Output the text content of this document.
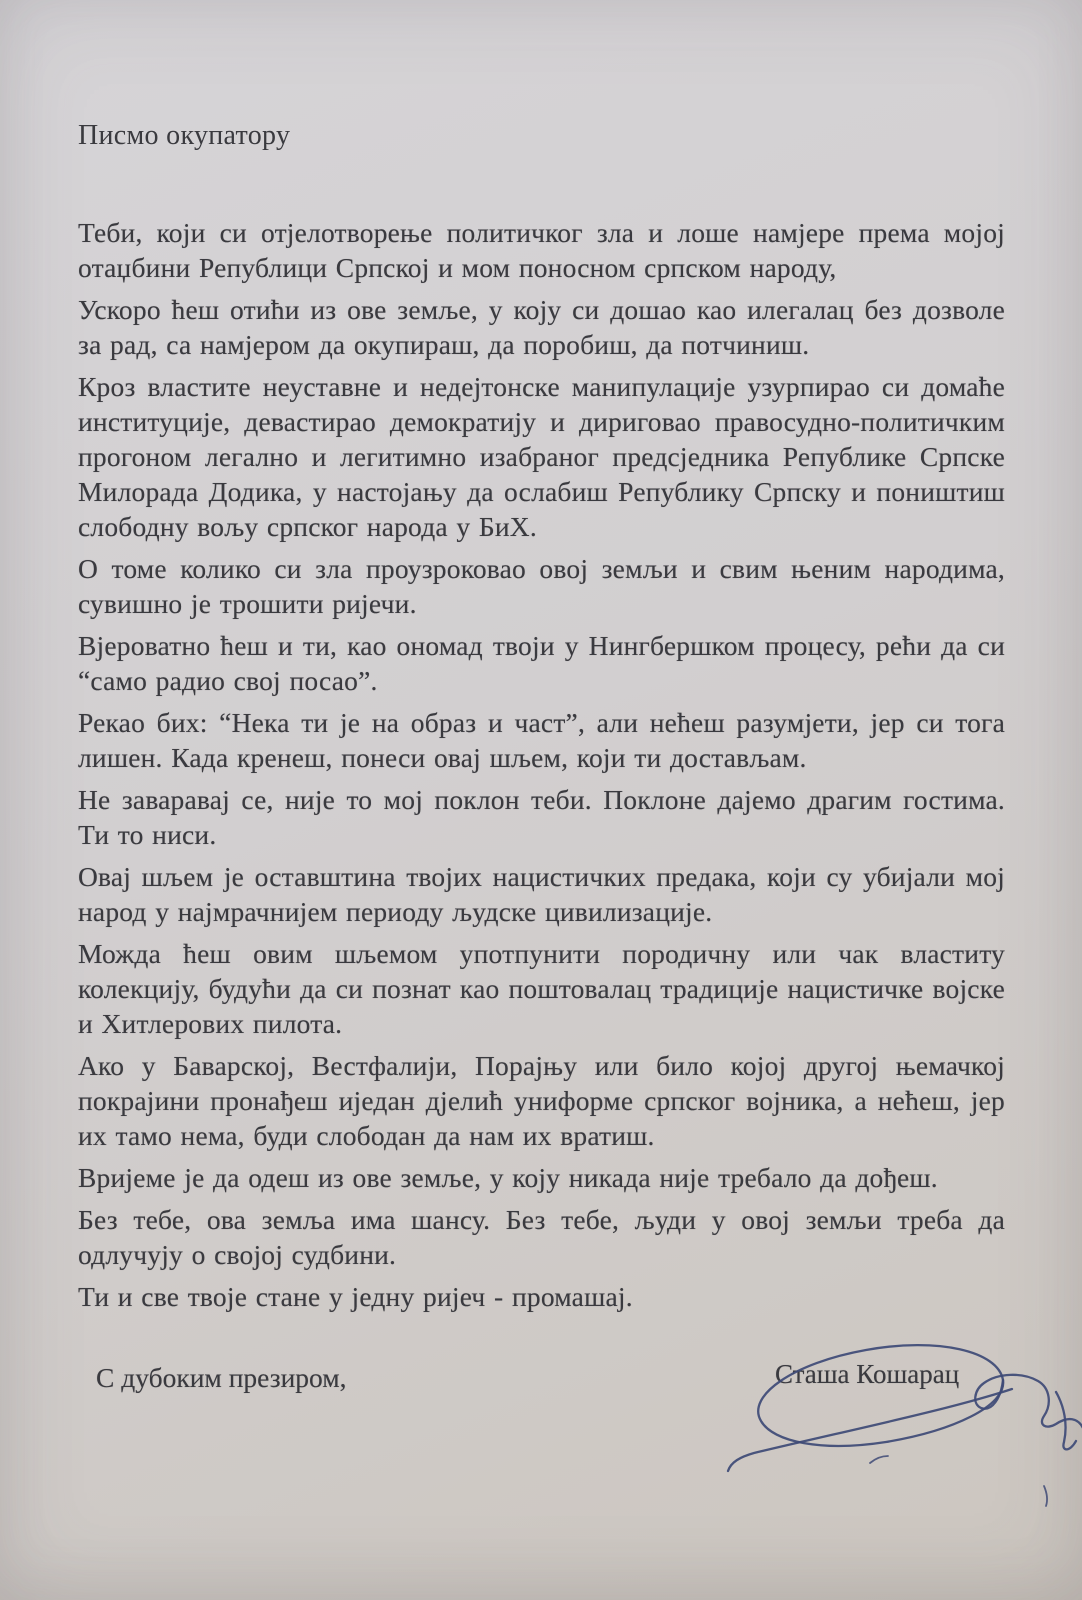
Писмо окупатору

Теби, који си отјелотворење политичког зла и лоше намјере према мојој отаџбини Републици Српској и мом поносном српском народу,

Ускоро ћеш отићи из ове земље, у коју си дошао као илегалац без дозволе за рад, са намјером да окупираш, да поробиш, да потчиниш.

Кроз властите неуставне и недејтонске манипулације узурпирао си домаће институције, девастирао демократију и дириговао правосудно-политичким прогоном легално и легитимно изабраног предсједника Републике Српске Милорада Додика, у настојању да ослабиш Републику Српску и поништиш слободну вољу српског народа у БиХ.

О томе колико си зла проузроковао овој земљи и свим њеним народима, сувишно је трошити ријечи.

Вјероватно ћеш и ти, као ономад твоји у Нингбершком процесу, рећи да си “само радио свој посао”.

Рекао бих: “Нека ти је на образ и част”, али нећеш разумјети, јер си тога лишен. Када кренеш, понеси овај шљем, који ти достављам.

Не заваравај се, није то мој поклон теби. Поклоне дајемо драгим гостима. Ти то ниси.

Овај шљем је оставштина твојих нацистичких предака, који су убијали мој народ у најмрачнијем периоду људске цивилизације.

Можда ћеш овим шљемом употпунити породичну или чак властиту колекцију, будући да си познат као поштовалац традиције нацистичке војске и Хитлерових пилота.

Ако у Баварској, Вестфалији, Порајњу или било којој другој њемачкој покрајини пронађеш иједан дјелић униформе српског војника, а нећеш, јер их тамо нема, буди слободан да нам их вратиш.

Вријеме је да одеш из ове земље, у коју никада није требало да дођеш.

Без тебе, ова земља има шансу. Без тебе, људи у овој земљи треба да одлучују о својој судбини.

Ти и све твоје стане у једну ријеч - промашај.

С дубоким презиром,	Сташа Кошарац
